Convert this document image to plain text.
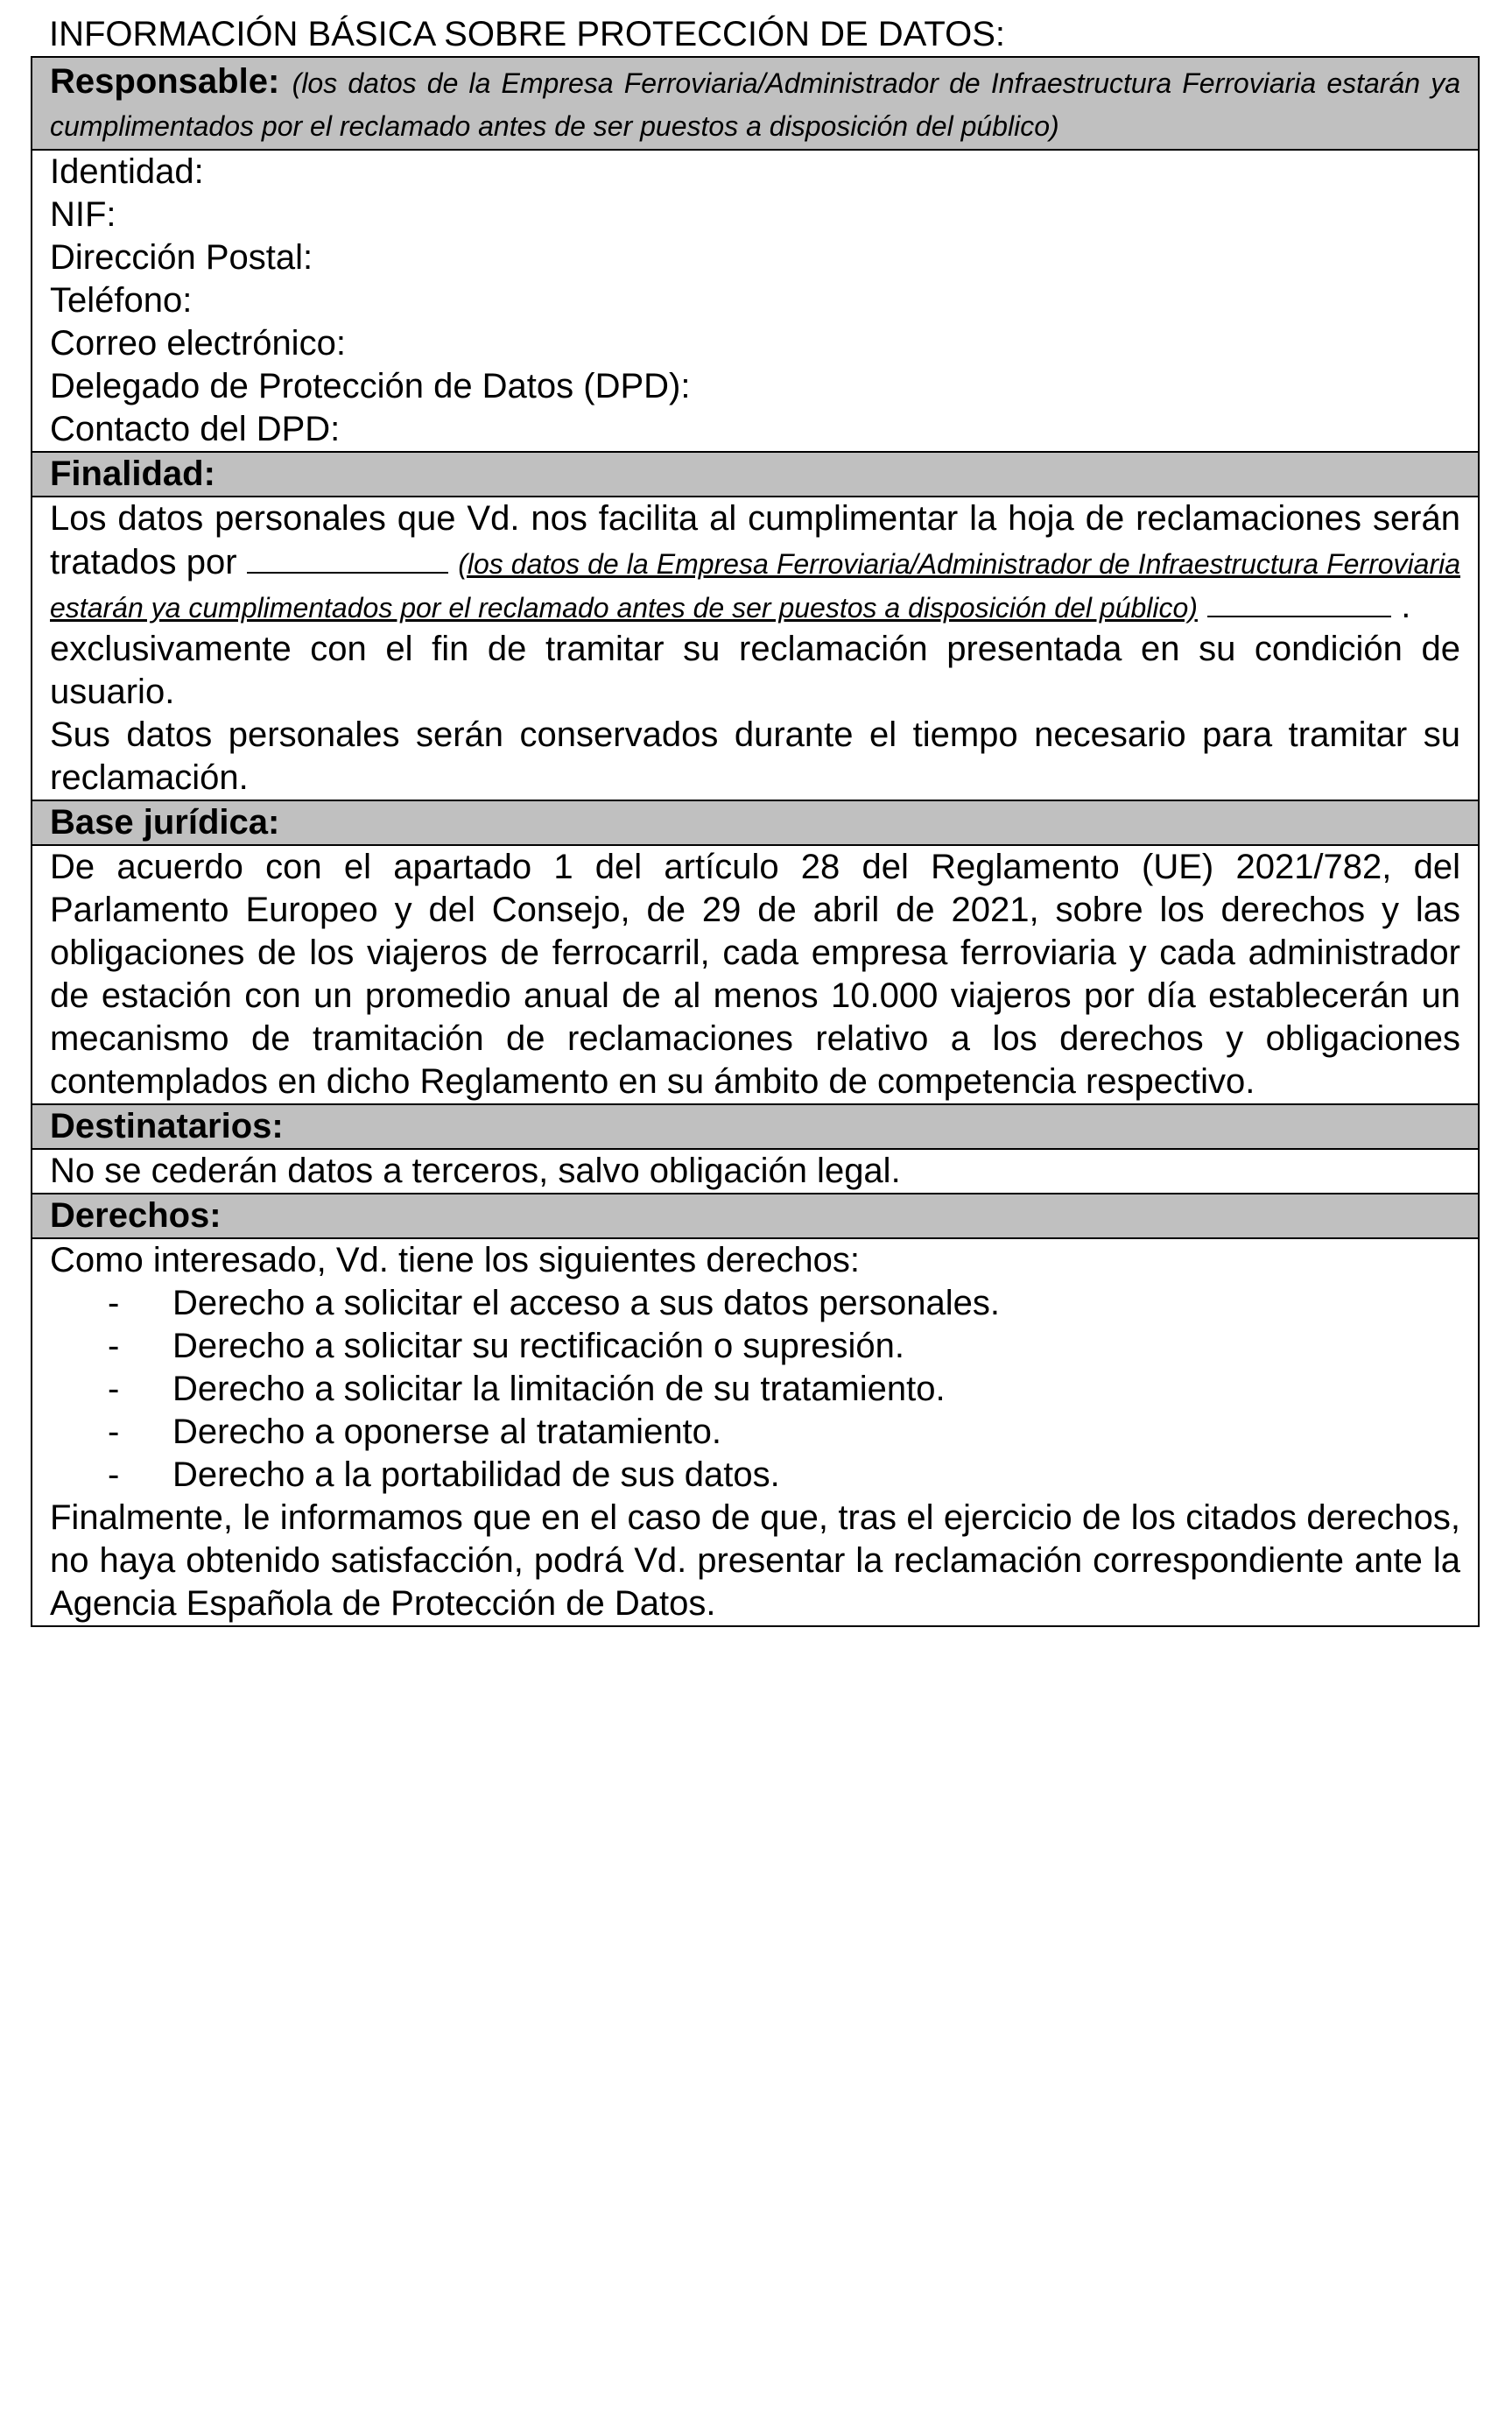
INFORMACIÓN BÁSICA SOBRE PROTECCIÓN DE DATOS:
Responsable: (los datos de la Empresa Ferroviaria/Administrador de Infraestructura Ferroviaria estarán ya cumplimentados por el reclamado antes de ser puestos a disposición del público)
Identidad:
NIF:
Dirección Postal:
Teléfono:
Correo electrónico:
Delegado de Protección de Datos (DPD):
Contacto del DPD:
Finalidad:
Los datos personales que Vd. nos facilita al cumplimentar la hoja de reclamaciones serán tratados por	(los datos de la Empresa Ferroviaria/Administrador de Infraestructura Ferroviaria estarán ya cumplimentados por el reclamado antes de ser puestos a disposición del público)	.
exclusivamente con el fin de tramitar su reclamación presentada en su condición de usuario.
Sus datos personales serán conservados durante el tiempo necesario para tramitar su reclamación.
Base jurídica:
De acuerdo con el apartado 1 del artículo 28 del Reglamento (UE) 2021/782, del Parlamento Europeo y del Consejo, de 29 de abril de 2021, sobre los derechos y las obligaciones de los viajeros de ferrocarril, cada empresa ferroviaria y cada administrador de estación con un promedio anual de al menos 10.000 viajeros por día establecerán un mecanismo de tramitación de reclamaciones relativo a los derechos y obligaciones contemplados en dicho Reglamento en su ámbito de competencia respectivo.
Destinatarios:
No se cederán datos a terceros, salvo obligación legal.
Derechos:
Como interesado, Vd. tiene los siguientes derechos:
- Derecho a solicitar el acceso a sus datos personales.
- Derecho a solicitar su rectificación o supresión.
- Derecho a solicitar la limitación de su tratamiento.
- Derecho a oponerse al tratamiento.
- Derecho a la portabilidad de sus datos.
Finalmente, le informamos que en el caso de que, tras el ejercicio de los citados derechos, no haya obtenido satisfacción, podrá Vd. presentar la reclamación correspondiente ante la Agencia Española de Protección de Datos.
